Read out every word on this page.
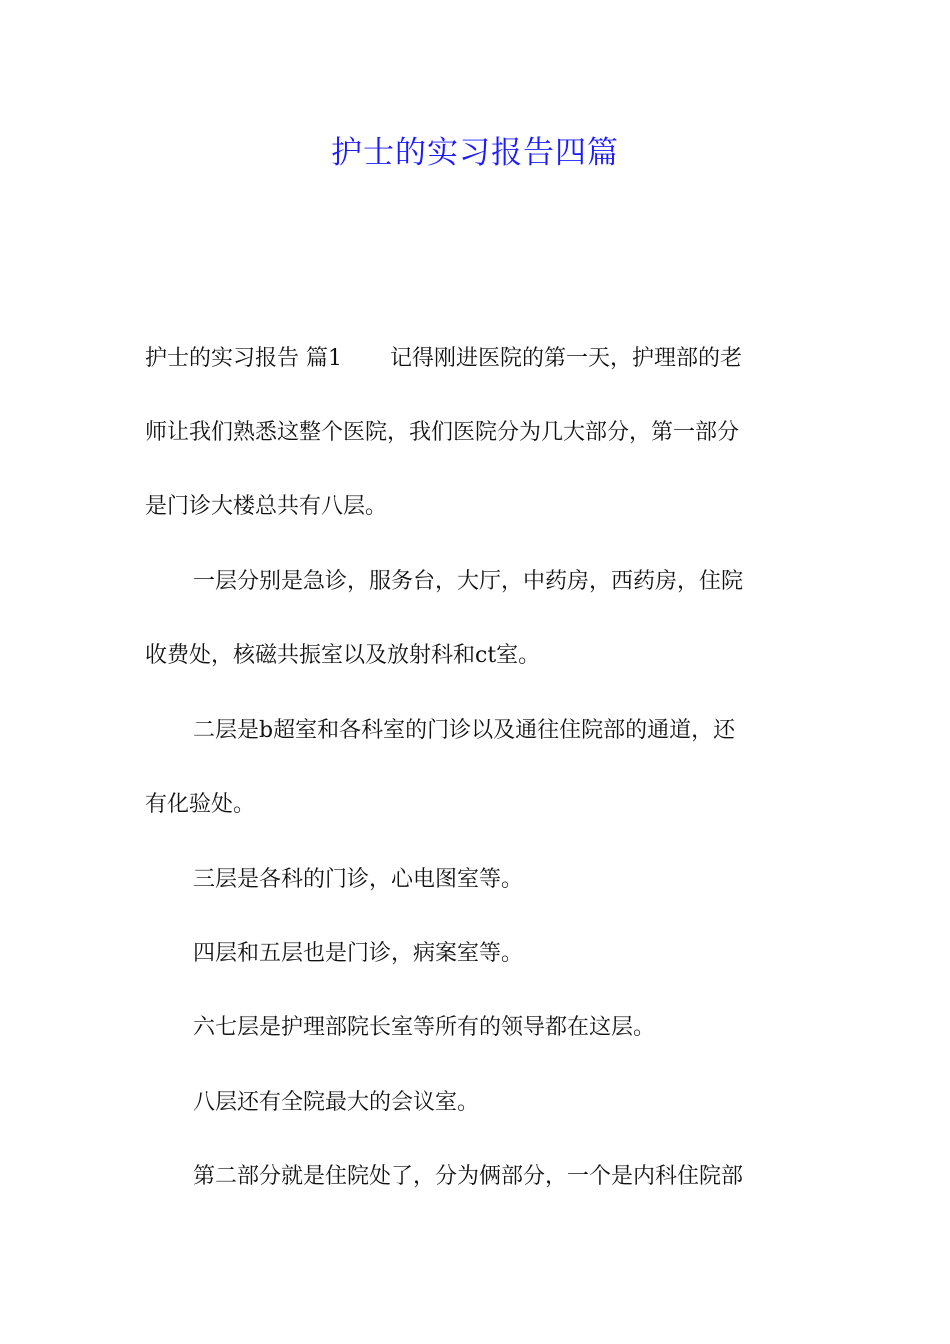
护士的实习报告四篇
护士的实习报告 篇1 记得刚进医院的第一天，护理部的老
师让我们熟悉这整个医院，我们医院分为几大部分，第一部分
是门诊大楼总共有八层。
一层分别是急诊，服务台，大厅，中药房，西药房，住院
收费处，核磁共振室以及放射科和ct室。
二层是b超室和各科室的门诊以及通往住院部的通道，还
有化验处。
三层是各科的门诊，心电图室等。
四层和五层也是门诊，病案室等。
六七层是护理部院长室等所有的领导都在这层。
八层还有全院最大的会议室。
第二部分就是住院处了，分为俩部分，一个是内科住院部
